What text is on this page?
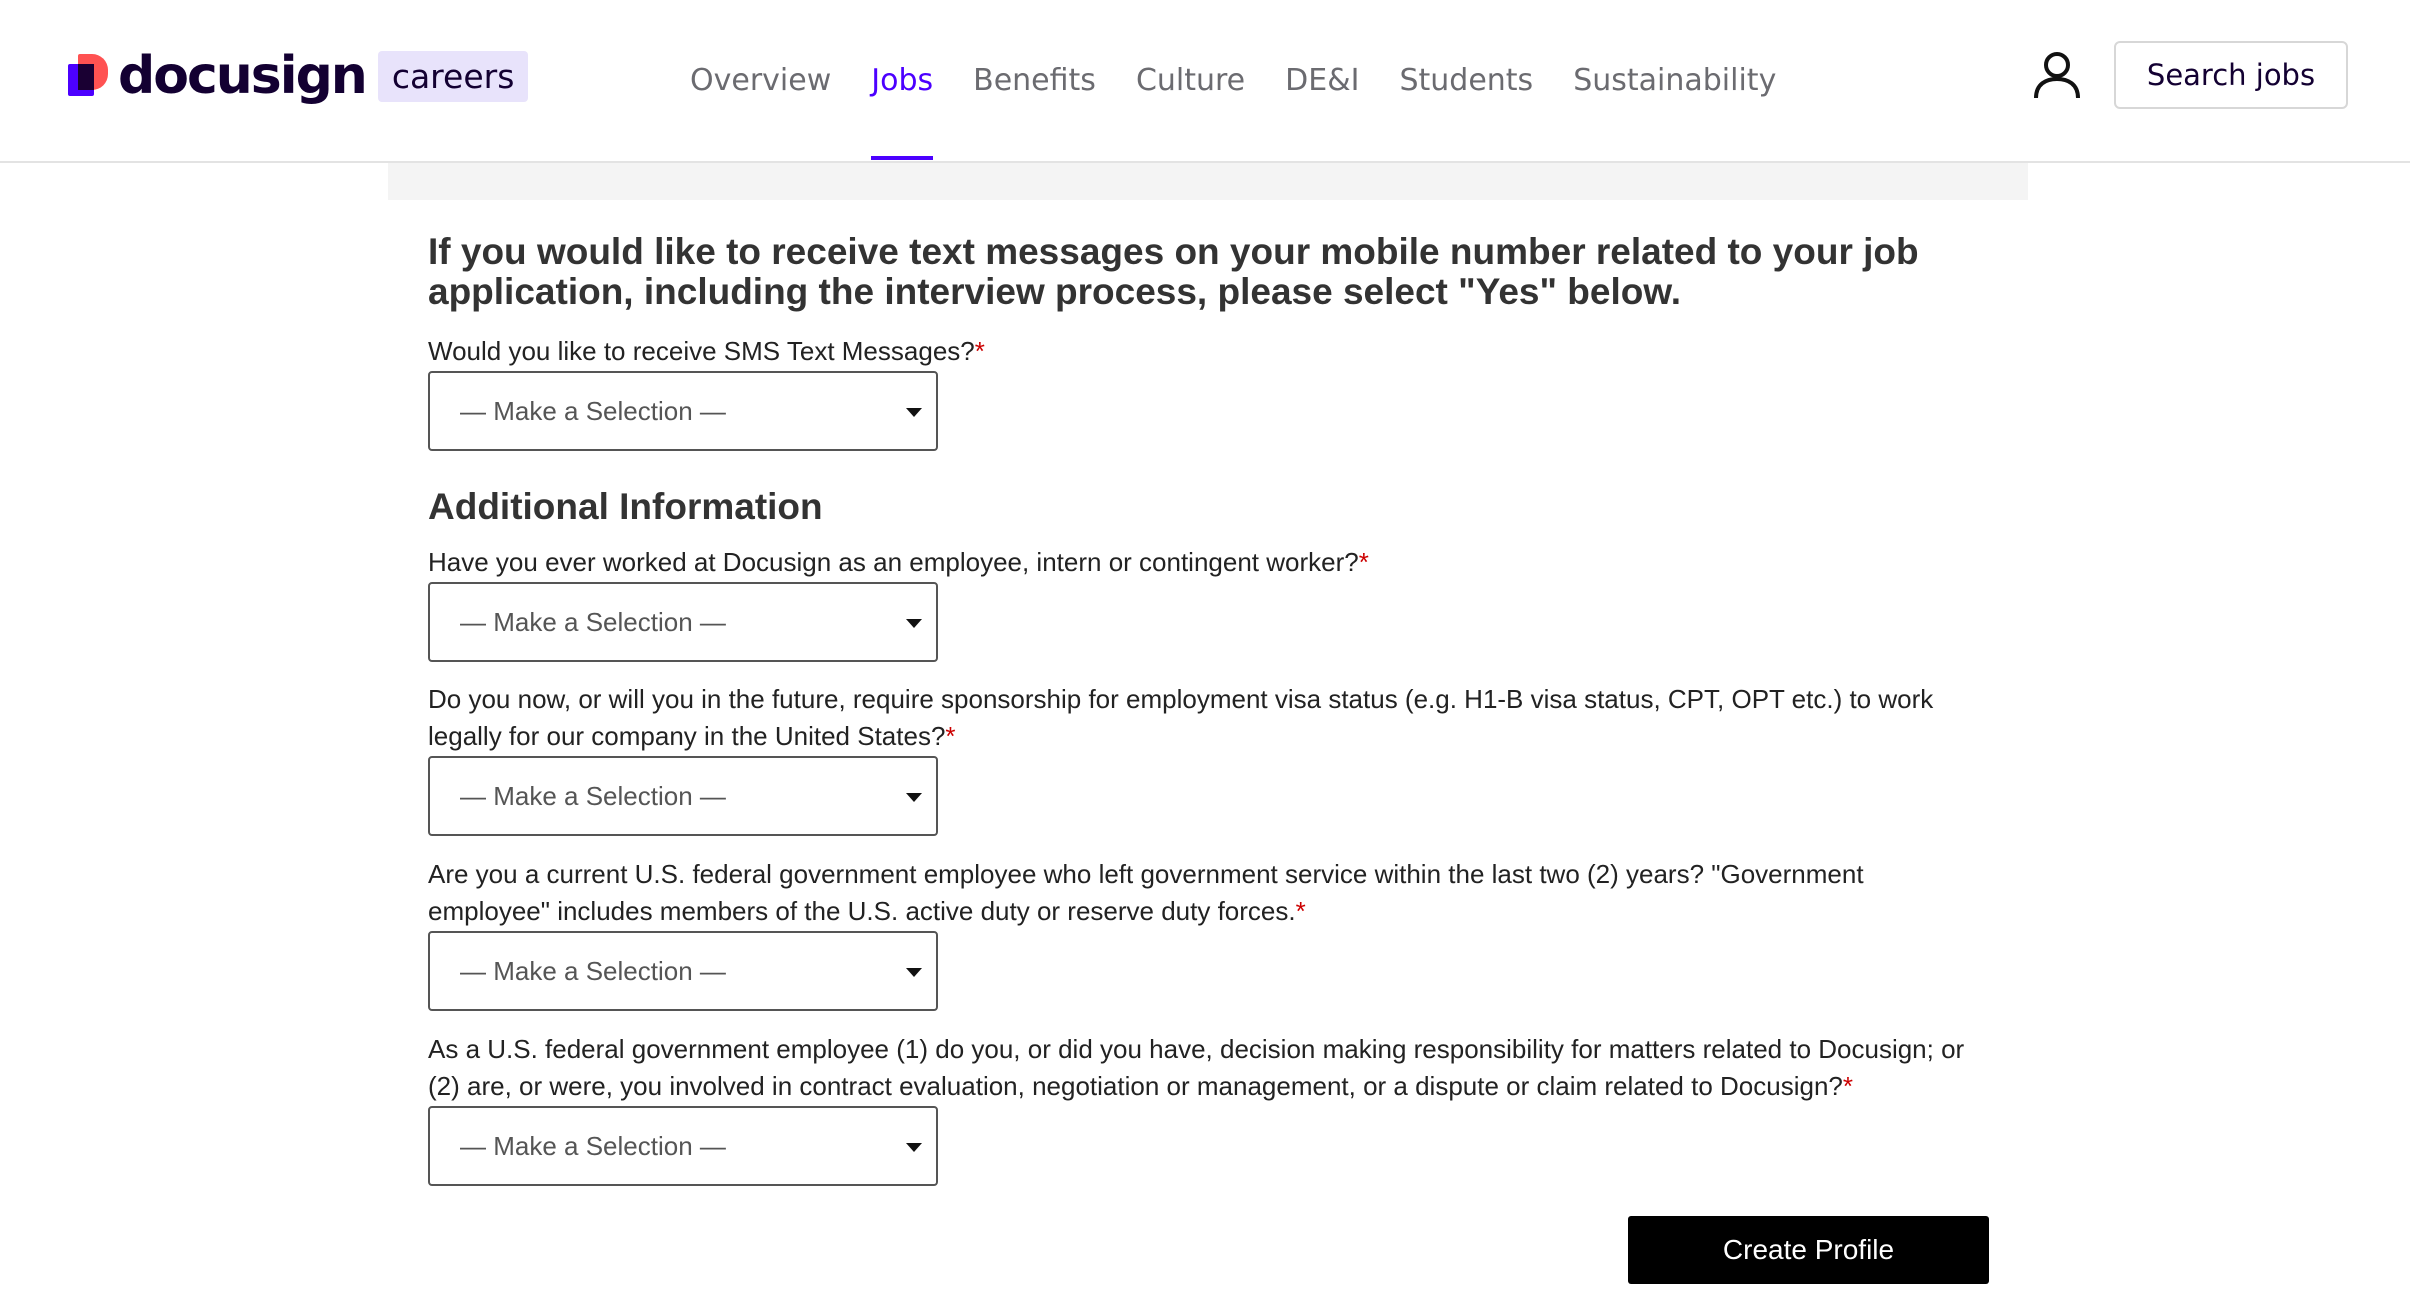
docusign careers	Overview Jobs Benefits Culture DE&I Students Sustainability	Search jobs
If you would like to receive text messages on your mobile number related to your job application, including the interview process, please select "Yes" below.
Would you like to receive SMS Text Messages?*
— Make a Selection —
Additional Information
Have you ever worked at Docusign as an employee, intern or contingent worker?*
— Make a Selection —
Do you now, or will you in the future, require sponsorship for employment visa status (e.g. H1-B visa status, CPT, OPT etc.) to work legally for our company in the United States?*
— Make a Selection —
Are you a current U.S. federal government employee who left government service within the last two (2) years? "Government employee" includes members of the U.S. active duty or reserve duty forces.*
— Make a Selection —
As a U.S. federal government employee (1) do you, or did you have, decision making responsibility for matters related to Docusign; or (2) are, or were, you involved in contract evaluation, negotiation or management, or a dispute or claim related to Docusign?*
— Make a Selection —
Create Profile
